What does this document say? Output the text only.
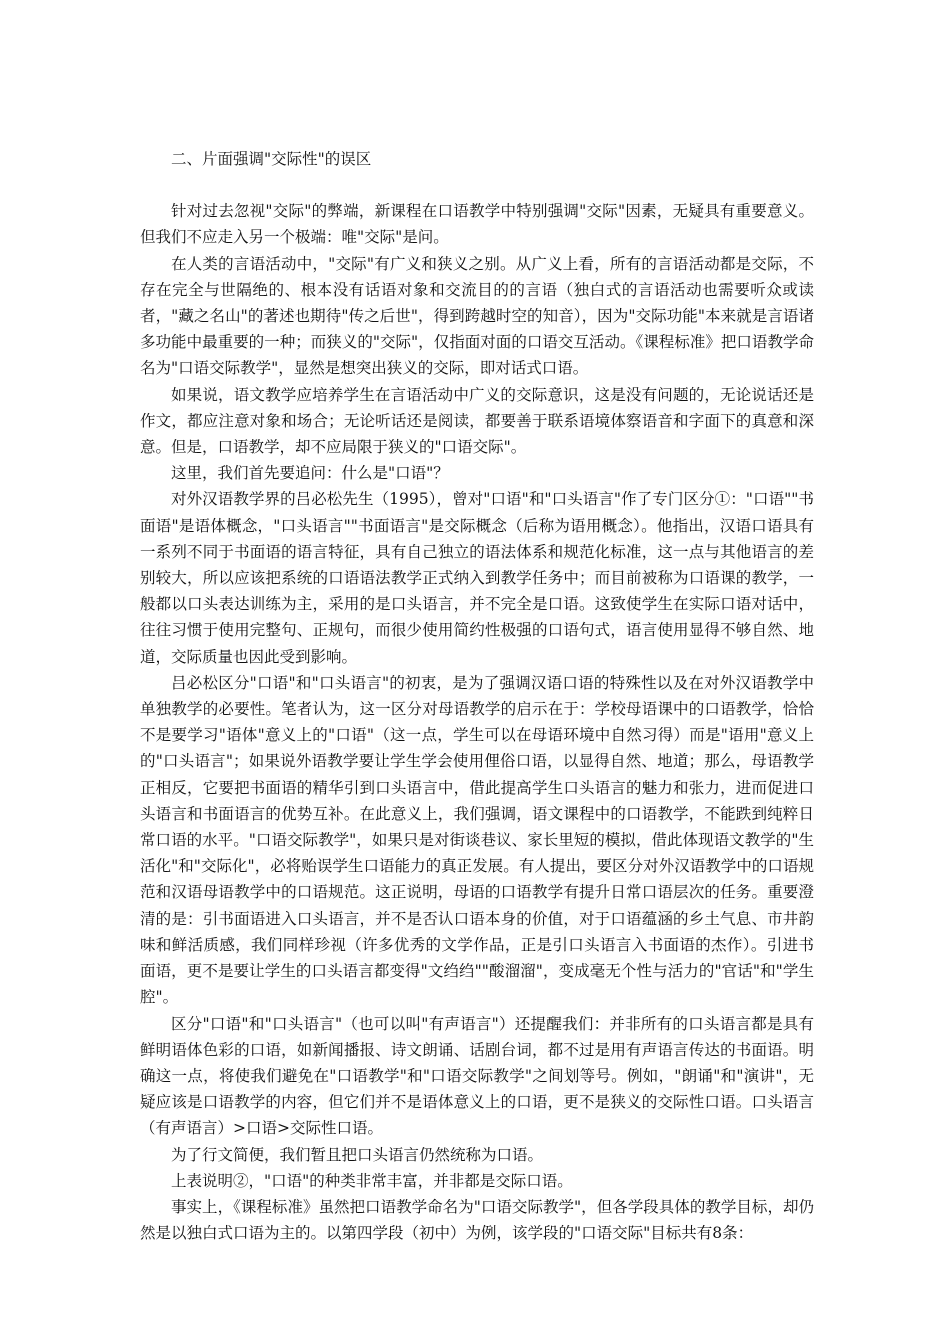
二、片面强调"交际性"的误区

针对过去忽视"交际"的弊端，新课程在口语教学中特别强调"交际"因素，无疑具有重要意义。但我们不应走入另一个极端：唯"交际"是问。

在人类的言语活动中，"交际"有广义和狭义之别。从广义上看，所有的言语活动都是交际，不存在完全与世隔绝的、根本没有话语对象和交流目的的言语（独白式的言语活动也需要听众或读者，"藏之名山"的著述也期待"传之后世"，得到跨越时空的知音），因为"交际功能"本来就是言语诸多功能中最重要的一种；而狭义的"交际"，仅指面对面的口语交互活动。《课程标准》把口语教学命名为"口语交际教学"，显然是想突出狭义的交际，即对话式口语。

如果说，语文教学应培养学生在言语活动中广义的交际意识，这是没有问题的，无论说话还是作文，都应注意对象和场合；无论听话还是阅读，都要善于联系语境体察语音和字面下的真意和深意。但是，口语教学，却不应局限于狭义的"口语交际"。

这里，我们首先要追问：什么是"口语"？

对外汉语教学界的吕必松先生（1995），曾对"口语"和"口头语言"作了专门区分①："口语""书面语"是语体概念，"口头语言""书面语言"是交际概念（后称为语用概念）。他指出，汉语口语具有一系列不同于书面语的语言特征，具有自己独立的语法体系和规范化标准，这一点与其他语言的差别较大，所以应该把系统的口语语法教学正式纳入到教学任务中；而目前被称为口语课的教学，一般都以口头表达训练为主，采用的是口头语言，并不完全是口语。这致使学生在实际口语对话中，往往习惯于使用完整句、正规句，而很少使用简约性极强的口语句式，语言使用显得不够自然、地道，交际质量也因此受到影响。

吕必松区分"口语"和"口头语言"的初衷，是为了强调汉语口语的特殊性以及在对外汉语教学中单独教学的必要性。笔者认为，这一区分对母语教学的启示在于：学校母语课中的口语教学，恰恰不是要学习"语体"意义上的"口语"（这一点，学生可以在母语环境中自然习得）而是"语用"意义上的"口头语言"；如果说外语教学要让学生学会使用俚俗口语，以显得自然、地道；那么，母语教学正相反，它要把书面语的精华引到口头语言中，借此提高学生口头语言的魅力和张力，进而促进口头语言和书面语言的优势互补。在此意义上，我们强调，语文课程中的口语教学，不能跌到纯粹日常口语的水平。"口语交际教学"，如果只是对街谈巷议、家长里短的模拟，借此体现语文教学的"生活化"和"交际化"，必将贻误学生口语能力的真正发展。有人提出，要区分对外汉语教学中的口语规范和汉语母语教学中的口语规范。这正说明，母语的口语教学有提升日常口语层次的任务。重要澄清的是：引书面语进入口头语言，并不是否认口语本身的价值，对于口语蕴涵的乡土气息、市井韵味和鲜活质感，我们同样珍视（许多优秀的文学作品，正是引口头语言入书面语的杰作）。引进书面语，更不是要让学生的口头语言都变得"文绉绉""酸溜溜"，变成毫无个性与活力的"官话"和"学生腔"。

区分"口语"和"口头语言"（也可以叫"有声语言"）还提醒我们：并非所有的口头语言都是具有鲜明语体色彩的口语，如新闻播报、诗文朗诵、话剧台词，都不过是用有声语言传达的书面语。明确这一点，将使我们避免在"口语教学"和"口语交际教学"之间划等号。例如，"朗诵"和"演讲"，无疑应该是口语教学的内容，但它们并不是语体意义上的口语，更不是狭义的交际性口语。口头语言（有声语言）>口语>交际性口语。

为了行文简便，我们暂且把口头语言仍然统称为口语。

上表说明②，"口语"的种类非常丰富，并非都是交际口语。

事实上，《课程标准》虽然把口语教学命名为"口语交际教学"，但各学段具体的教学目标，却仍然是以独白式口语为主的。以第四学段（初中）为例，该学段的"口语交际"目标共有8条：
